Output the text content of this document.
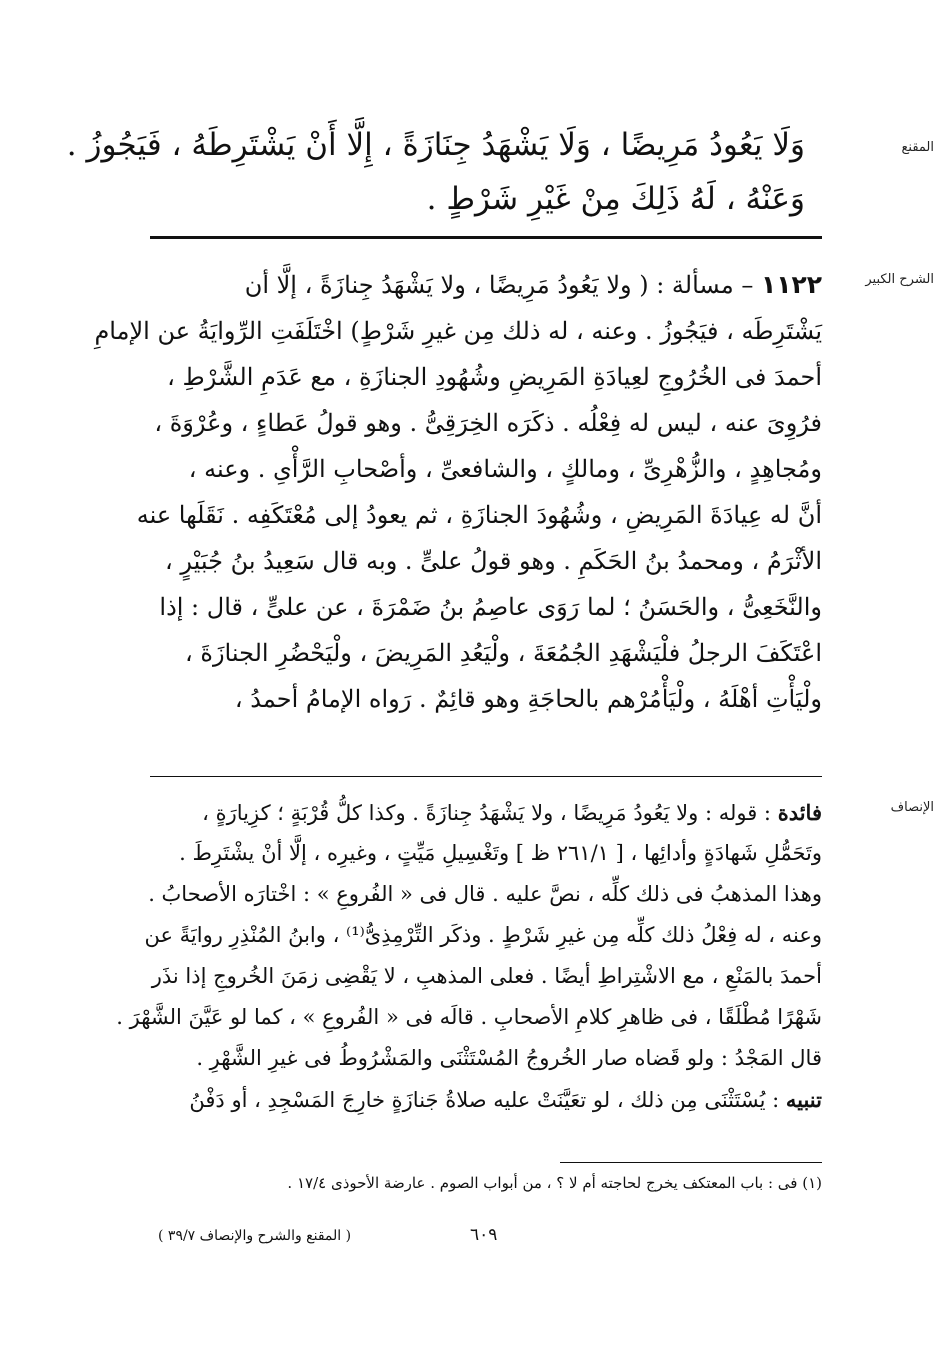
المقنع
وَلَا يَعُودُ مَرِيضًا ، وَلَا يَشْهَدُ جِنَازَةً ، إِلَّا أَنْ يَشْتَرِطَهُ ، فَيَجُوزُ .
وَعَنْهُ ، لَهُ ذَلِكَ مِنْ غَيْرِ شَرْطٍ .
الشرح الكبير
١١٢٢ – مسألة : ( ولا يَعُودُ مَرِيضًا ، ولا يَشْهَدُ جِنازَةً ، إلَّا أن
يَشْتَرِطَه ، فيَجُوزُ . وعنه ، له ذلك مِن غيرِ شَرْطٍ) اخْتَلَفَتِ الرِّوايَةُ عن الإمامِ
أحمدَ فى الخُرُوجِ لعِيادَةِ المَرِيضِ وشُهُودِ الجنازَةِ ، مع عَدَمِ الشَّرْطِ ،
فرُوِىَ عنه ، ليس له فِعْلُه . ذكَرَه الخِرَقِىُّ . وهو قولُ عَطاءٍ ، وعُرْوَةَ ،
ومُجاهِدٍ ، والزُّهْرِىِّ ، ومالكٍ ، والشافعىِّ ، وأصْحابِ الرَّأْىِ . وعنه ،
أنَّ له عِيادَةَ المَرِيضِ ، وشُهُودَ الجنازَةِ ، ثم يعودُ إلى مُعْتَكَفِه . نَقَلَها عنه
الأثْرَمُ ، ومحمدُ بنُ الحَكَمِ . وهو قولُ علىٍّ . وبه قال سَعِيدُ بنُ جُبَيْرٍ ،
والنَّخَعِىُّ ، والحَسَنُ ؛ لما رَوَى عاصِمُ بنُ ضَمْرَةَ ، عن علىٍّ ، قال : إذا
اعْتَكَفَ الرجلُ فلْيَشْهَدِ الجُمُعَةَ ، ولْيَعُدِ المَرِيضَ ، ولْيَحْضُرِ الجنازَةَ ،
ولْيَأْتِ أهْلَهُ ، ولْيَأْمُرْهم بالحاجَةِ وهو قائِمٌ . رَواه الإمامُ أحمدُ ،
الإنصاف
فائدة : قوله : ولا يَعُودُ مَرِيضًا ، ولا يَشْهَدُ جِنازَةً . وكذا كلُّ قُرْبَةٍ ؛ كزِيارَةٍ ،
وتَحَمُّلِ شَهادَةٍ وأدائِها ، [ ٢٦١/١ ظ ] وتَغْسِيلِ مَيِّتٍ ، وغيرِه ، إلَّا أنْ يشْتَرِطَ .
وهذا المذهبُ فى ذلك كلِّه ، نصَّ عليه . قال فى « الفُروعِ » : اخْتارَه الأصحابُ .
وعنه ، له فِعْلُ ذلك كلِّه مِن غيرِ شَرْطٍ . وذكَر التِّرْمِذِىُّ⁽¹⁾ ، وابنُ المُنْذِرِ روايَةً عن
أحمدَ بالمَنْعِ ، مع الاشْتِراطِ أيضًا . فعلى المذهبِ ، لا يَقْضِى زمَنَ الخُروجِ إذا نذَر
شَهْرًا مُطْلَقًا ، فى ظاهرِ كلامِ الأصحابِ . قالَه فى « الفُروعِ » ، كما لو عَيَّنَ الشَّهْرَ .
قال المَجْدُ : ولو قَضاه صار الخُروجُ المُسْتَثْنَى والمَشْرُوطُ فى غيرِ الشَّهْرِ .
تنبيه : يُسْتَثْنَى مِن ذلك ، لو تعَيَّنَتْ عليه صلاةُ جَنازَةٍ خارِجَ المَسْجِدِ ، أو دَفْنُ
(١) فى : باب المعتكف يخرج لحاجته أم لا ؟ ، من أبواب الصوم . عارضة الأحوذى ١٧/٤ .
٦٠٩
( المقنع والشرح والإنصاف ٣٩/٧ )
